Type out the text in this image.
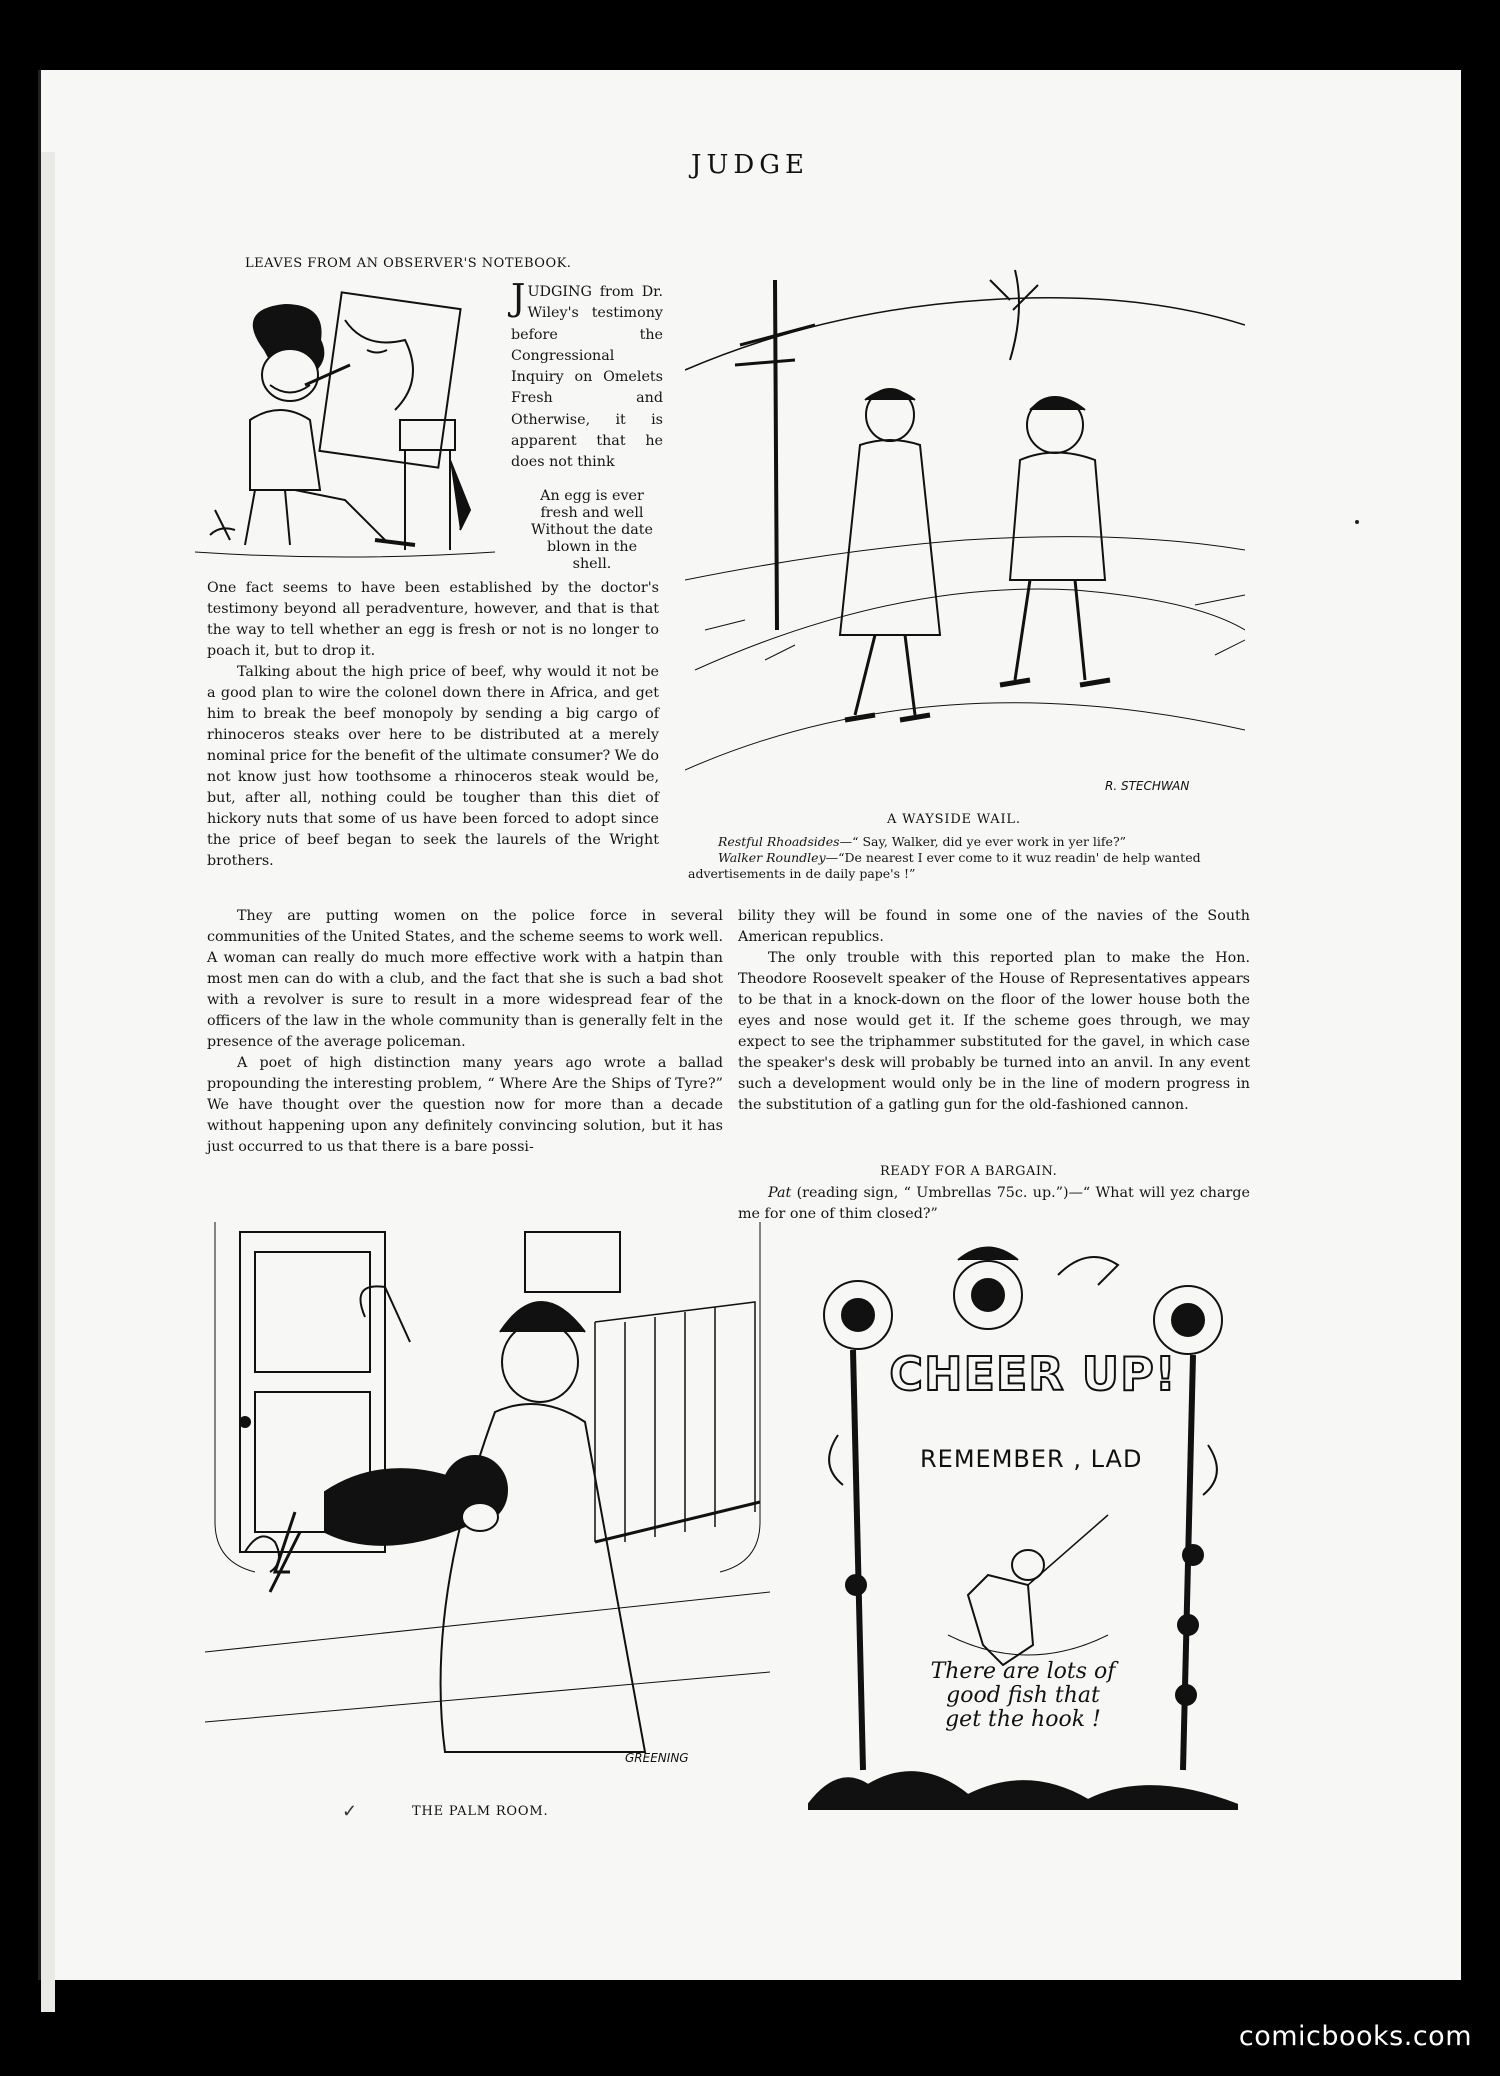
JUDGE
LEAVES FROM AN OBSERVER'S NOTEBOOK.
JUDGING from Dr. Wiley's testimony before the Congressional Inquiry on Omelets Fresh and Otherwise, it is apparent that he does not think
An egg is ever
fresh and well
Without the date
blown in the
shell.

One fact seems to have been established by the doctor's testimony beyond all peradventure, however, and that is that the way to tell whether an egg is fresh or not is no longer to poach it, but to drop it.

Talking about the high price of beef, why would it not be a good plan to wire the colonel down there in Africa, and get him to break the beef monopoly by sending a big cargo of rhinoceros steaks over here to be distributed at a merely nominal price for the benefit of the ultimate consumer? We do not know just how toothsome a rhinoceros steak would be, but, after all, nothing could be tougher than this diet of hickory nuts that some of us have been forced to adopt since the price of beef began to seek the laurels of the Wright brothers.

R. STECHWAN
A WAYSIDE WAIL.
Restful Rhoadsides—“ Say, Walker, did ye ever work in yer life?”
Walker Roundley—“De nearest I ever come to it wuz readin' de help wanted advertisements in de daily pape's !”

They are putting women on the police force in several communities of the United States, and the scheme seems to work well. A woman can really do much more effective work with a hatpin than most men can do with a club, and the fact that she is such a bad shot with a revolver is sure to result in a more widespread fear of the officers of the law in the whole community than is generally felt in the presence of the average policeman.

A poet of high distinction many years ago wrote a ballad propounding the interesting problem, “ Where Are the Ships of Tyre?” We have thought over the question now for more than a decade without happening upon any definitely convincing solution, but it has just occurred to us that there is a bare possi-

bility they will be found in some one of the navies of the South American republics.

The only trouble with this reported plan to make the Hon. Theodore Roosevelt speaker of the House of Representatives appears to be that in a knock-down on the floor of the lower house both the eyes and nose would get it. If the scheme goes through, we may expect to see the triphammer substituted for the gavel, in which case the speaker's desk will probably be turned into an anvil. In any event such a development would only be in the line of modern progress in the substitution of a gatling gun for the old-fashioned cannon.

READY FOR A BARGAIN.
Pat (reading sign, “ Umbrellas 75c. up.”)—“ What will yez charge me for one of thim closed?”
GREENING
✓	THE PALM ROOM.
CHEER UP!
REMEMBER , LAD
There are lots of
good fish that
get the hook !
comicbooks.com
